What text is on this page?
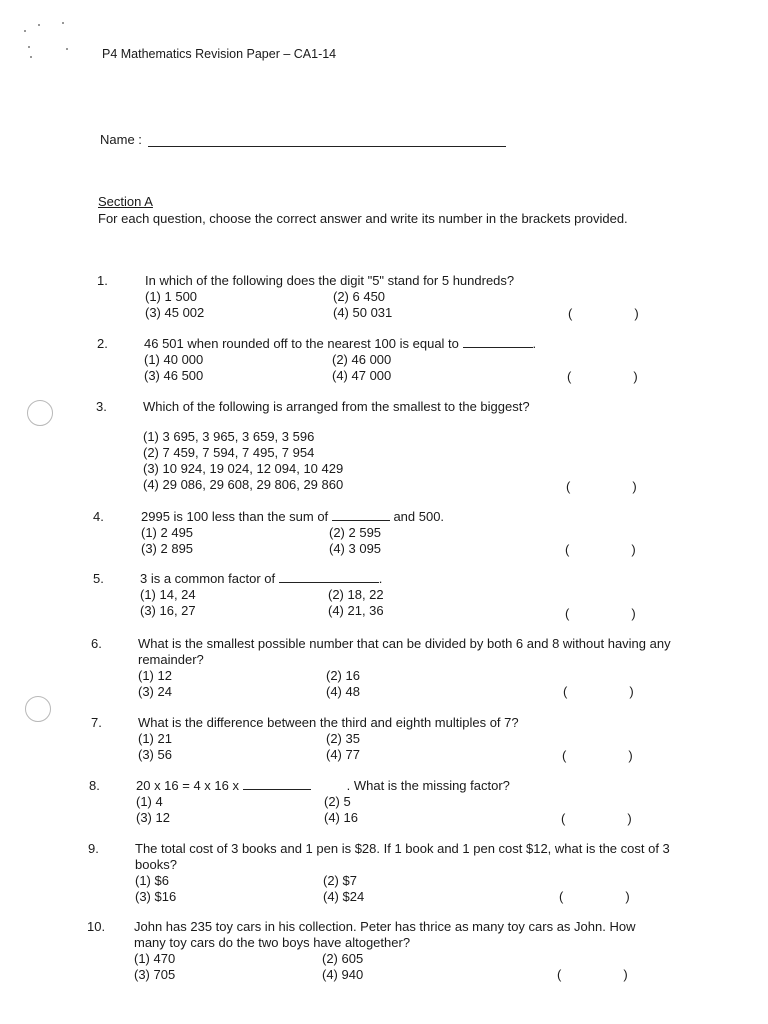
P4 Mathematics Revision Paper – CA1-14
Name :
Section A
For each question, choose the correct answer and write its number in the brackets provided.
1.	In which of the following does the digit "5" stand for 5 hundreds?
(1) 1 500	(2) 6 450
(3) 45 002	(4) 50 031	(	)
2.	46 501 when rounded off to the nearest 100 is equal to	.
(1) 40 000	(2) 46 000
(3) 46 500	(4) 47 000	(	)
3.	Which of the following is arranged from the smallest to the biggest?
(1) 3 695, 3 965, 3 659, 3 596
(2) 7 459, 7 594, 7 495, 7 954
(3) 10 924, 19 024, 12 094, 10 429
(4) 29 086, 29 608, 29 806, 29 860	(	)
4.	2995 is 100 less than the sum of	and 500.
(1) 2 495	(2) 2 595
(3) 2 895	(4) 3 095	(	)
5.	3 is a common factor of	.
(1) 14, 24	(2) 18, 22
(3) 16, 27	(4) 21, 36	(	)
6.	What is the smallest possible number that can be divided by both 6 and 8 without having any remainder?
(1) 12	(2) 16
(3) 24	(4) 48	(	)
7.	What is the difference between the third and eighth multiples of 7?
(1) 21	(2) 35
(3) 56	(4) 77	(	)
8.	20 x 16 = 4 x 16 x	. What is the missing factor?
(1) 4	(2) 5
(3) 12	(4) 16	(	)
9.	The total cost of 3 books and 1 pen is $28. If 1 book and 1 pen cost $12, what is the cost of 3 books?
(1) $6	(2) $7
(3) $16	(4) $24	(	)
10.	John has 235 toy cars in his collection. Peter has thrice as many toy cars as John. How many toy cars do the two boys have altogether?
(1) 470	(2) 605
(3) 705	(4) 940	(	)
